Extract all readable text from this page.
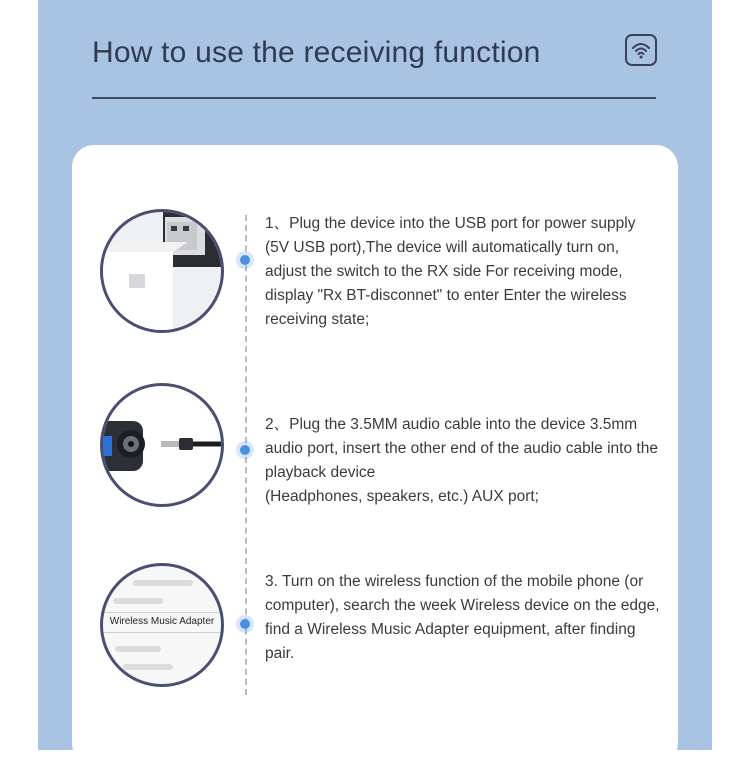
How to use the receiving function
1、Plug the device into the USB port for power supply (5V USB port),The device will automatically turn on, adjust the switch to the RX side For receiving mode, display "Rx BT-disconnet" to enter Enter the wireless receiving state;
2、Plug the 3.5MM audio cable into the device 3.5mm audio port, insert the other end of the audio cable into the playback device
(Headphones, speakers, etc.) AUX port;
Wireless Music Adapter
3. Turn on the wireless function of the mobile phone (or computer), search the week Wireless device on the edge, find a Wireless Music Adapter equipment, after finding pair.
